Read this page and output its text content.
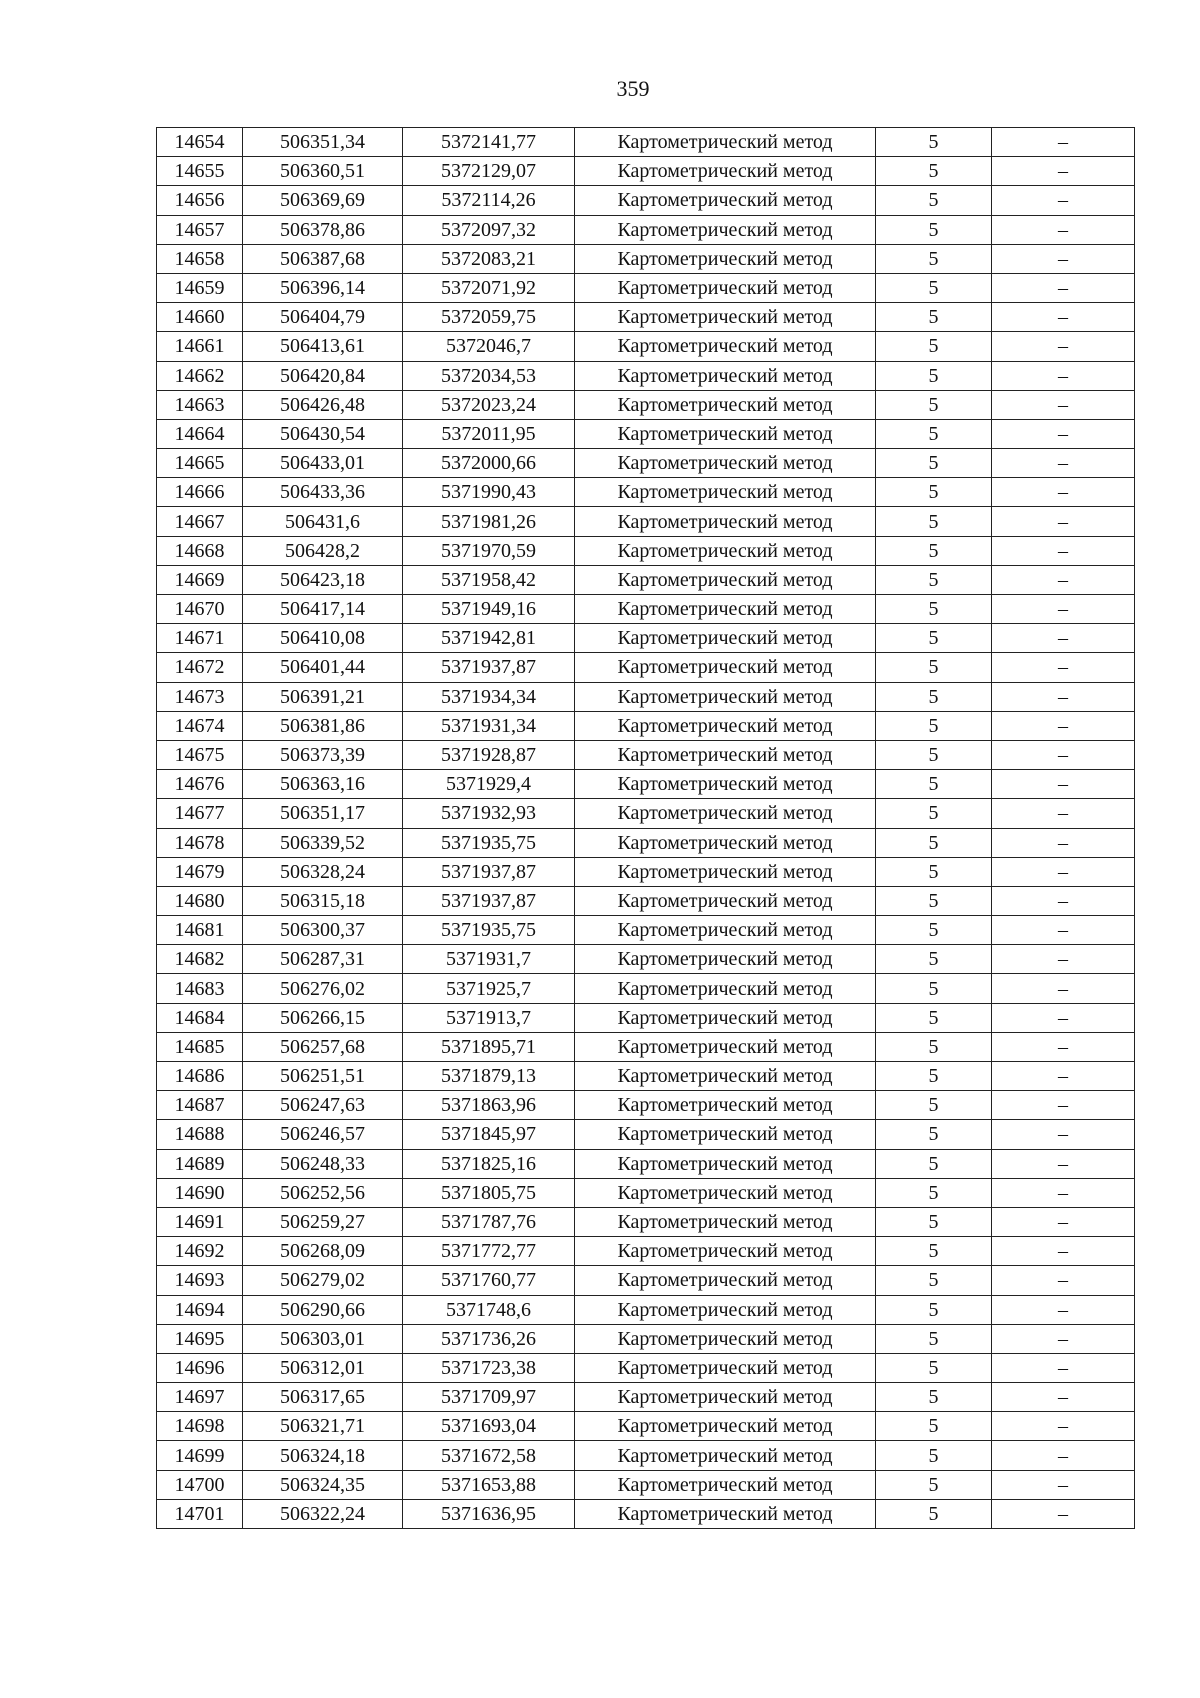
359
14654	506351,34	5372141,77	Картометрический метод	5	–
14655	506360,51	5372129,07	Картометрический метод	5	–
14656	506369,69	5372114,26	Картометрический метод	5	–
14657	506378,86	5372097,32	Картометрический метод	5	–
14658	506387,68	5372083,21	Картометрический метод	5	–
14659	506396,14	5372071,92	Картометрический метод	5	–
14660	506404,79	5372059,75	Картометрический метод	5	–
14661	506413,61	5372046,7	Картометрический метод	5	–
14662	506420,84	5372034,53	Картометрический метод	5	–
14663	506426,48	5372023,24	Картометрический метод	5	–
14664	506430,54	5372011,95	Картометрический метод	5	–
14665	506433,01	5372000,66	Картометрический метод	5	–
14666	506433,36	5371990,43	Картометрический метод	5	–
14667	506431,6	5371981,26	Картометрический метод	5	–
14668	506428,2	5371970,59	Картометрический метод	5	–
14669	506423,18	5371958,42	Картометрический метод	5	–
14670	506417,14	5371949,16	Картометрический метод	5	–
14671	506410,08	5371942,81	Картометрический метод	5	–
14672	506401,44	5371937,87	Картометрический метод	5	–
14673	506391,21	5371934,34	Картометрический метод	5	–
14674	506381,86	5371931,34	Картометрический метод	5	–
14675	506373,39	5371928,87	Картометрический метод	5	–
14676	506363,16	5371929,4	Картометрический метод	5	–
14677	506351,17	5371932,93	Картометрический метод	5	–
14678	506339,52	5371935,75	Картометрический метод	5	–
14679	506328,24	5371937,87	Картометрический метод	5	–
14680	506315,18	5371937,87	Картометрический метод	5	–
14681	506300,37	5371935,75	Картометрический метод	5	–
14682	506287,31	5371931,7	Картометрический метод	5	–
14683	506276,02	5371925,7	Картометрический метод	5	–
14684	506266,15	5371913,7	Картометрический метод	5	–
14685	506257,68	5371895,71	Картометрический метод	5	–
14686	506251,51	5371879,13	Картометрический метод	5	–
14687	506247,63	5371863,96	Картометрический метод	5	–
14688	506246,57	5371845,97	Картометрический метод	5	–
14689	506248,33	5371825,16	Картометрический метод	5	–
14690	506252,56	5371805,75	Картометрический метод	5	–
14691	506259,27	5371787,76	Картометрический метод	5	–
14692	506268,09	5371772,77	Картометрический метод	5	–
14693	506279,02	5371760,77	Картометрический метод	5	–
14694	506290,66	5371748,6	Картометрический метод	5	–
14695	506303,01	5371736,26	Картометрический метод	5	–
14696	506312,01	5371723,38	Картометрический метод	5	–
14697	506317,65	5371709,97	Картометрический метод	5	–
14698	506321,71	5371693,04	Картометрический метод	5	–
14699	506324,18	5371672,58	Картометрический метод	5	–
14700	506324,35	5371653,88	Картометрический метод	5	–
14701	506322,24	5371636,95	Картометрический метод	5	–
